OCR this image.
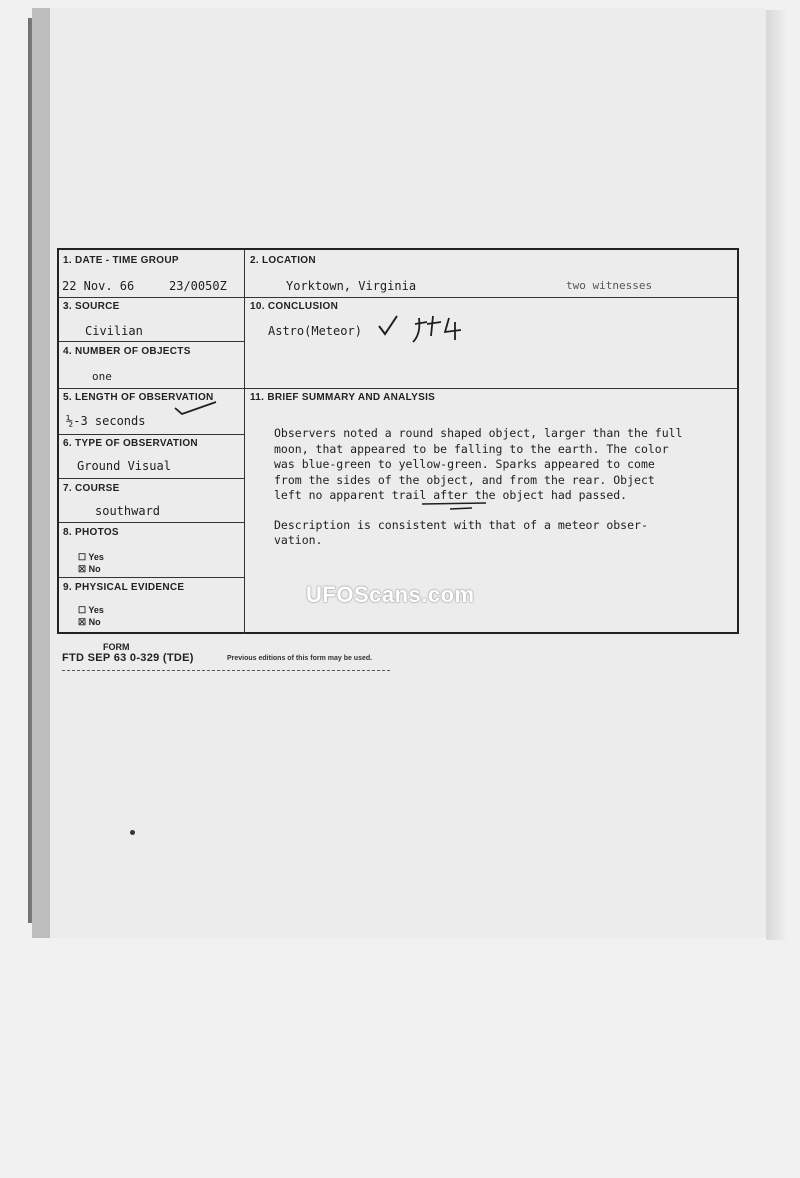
1. DATE - TIME GROUP
22 Nov. 66	23/0050Z
2. LOCATION
Yorktown, Virginia	two witnesses
3. SOURCE
Civilian
10. CONCLUSION
Astro(Meteor)
4. NUMBER OF OBJECTS
one
5. LENGTH OF OBSERVATION
½-3 seconds
11. BRIEF SUMMARY AND ANALYSIS

Observers noted a round shaped object, larger than the full
moon, that appeared to be falling to the earth. The color
was blue-green to yellow-green. Sparks appeared to come
from the sides of the object, and from the rear. Object
left no apparent trail after the object had passed.

Description is consistent with that of a meteor obser-
vation.

6. TYPE OF OBSERVATION
Ground Visual
7. COURSE
southward
8. PHOTOS
☐ Yes
☒ No
9. PHYSICAL EVIDENCE
☐ Yes
☒ No
UFOScans.com
FORM
FTD SEP 63 0-329 (TDE)	Previous editions of this form may be used.
